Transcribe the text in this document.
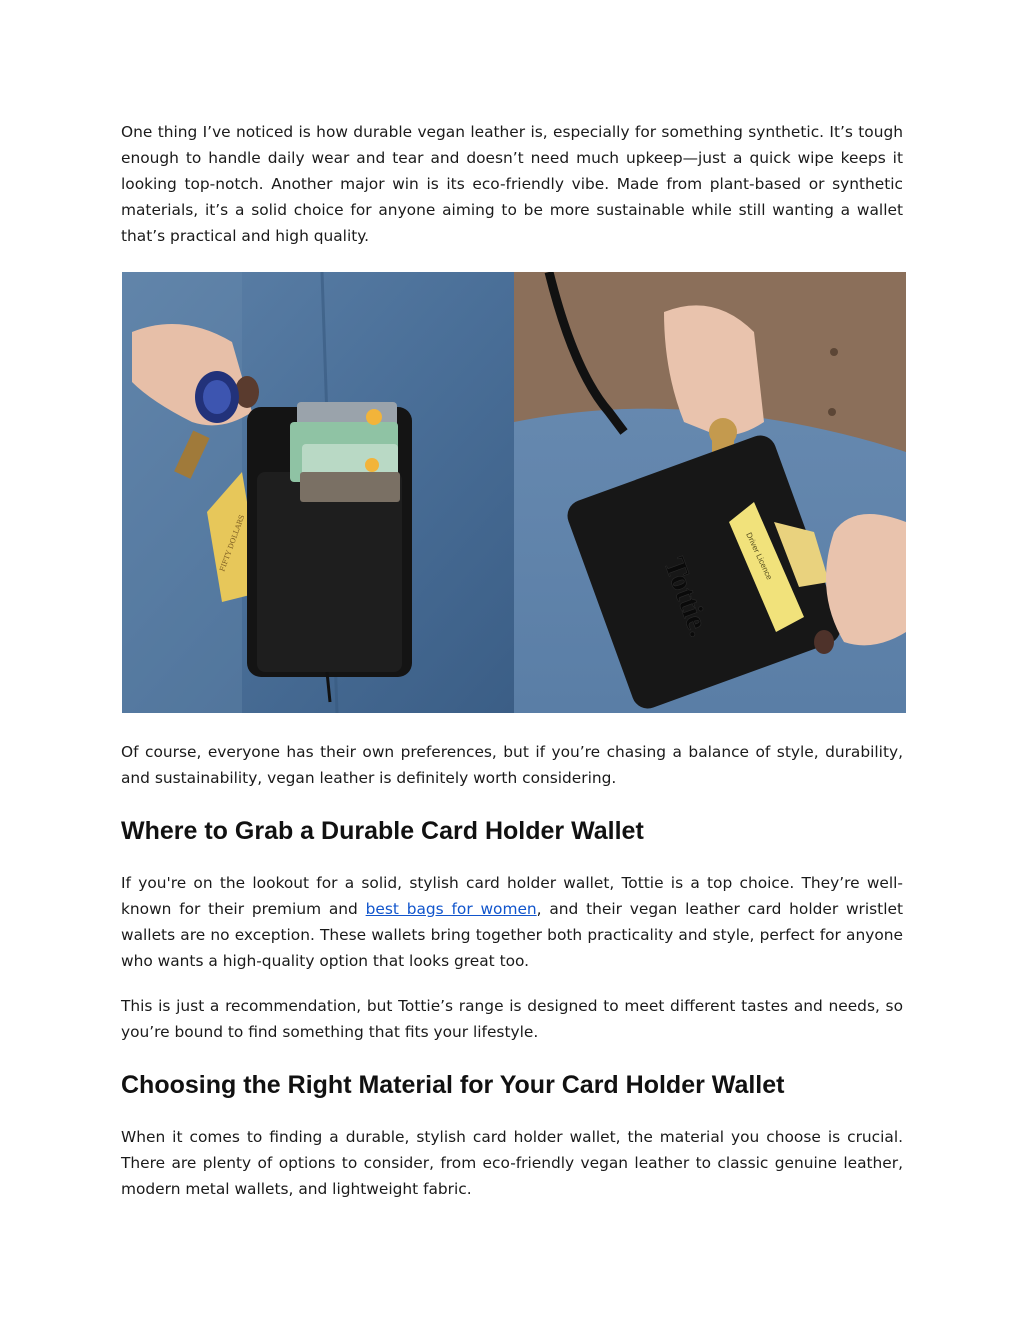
One thing I’ve noticed is how durable vegan leather is, especially for something synthetic. It’s tough enough to handle daily wear and tear and doesn’t need much upkeep—just a quick wipe keeps it looking top-notch. Another major win is its eco-friendly vibe. Made from plant-based or synthetic materials, it’s a solid choice for anyone aiming to be more sustainable while still wanting a wallet that’s practical and high quality.

FIFTY DOLLARS
Tottie.	Driver Licence

Of course, everyone has their own preferences, but if you’re chasing a balance of style, durability, and sustainability, vegan leather is definitely worth considering.

Where to Grab a Durable Card Holder Wallet

If you're on the lookout for a solid, stylish card holder wallet, Tottie is a top choice. They’re well-known for their premium and best bags for women, and their vegan leather card holder wristlet wallets are no exception. These wallets bring together both practicality and style, perfect for anyone who wants a high-quality option that looks great too.

This is just a recommendation, but Tottie’s range is designed to meet different tastes and needs, so you’re bound to find something that fits your lifestyle.

Choosing the Right Material for Your Card Holder Wallet

When it comes to finding a durable, stylish card holder wallet, the material you choose is crucial. There are plenty of options to consider, from eco-friendly vegan leather to classic genuine leather, modern metal wallets, and lightweight fabric.
